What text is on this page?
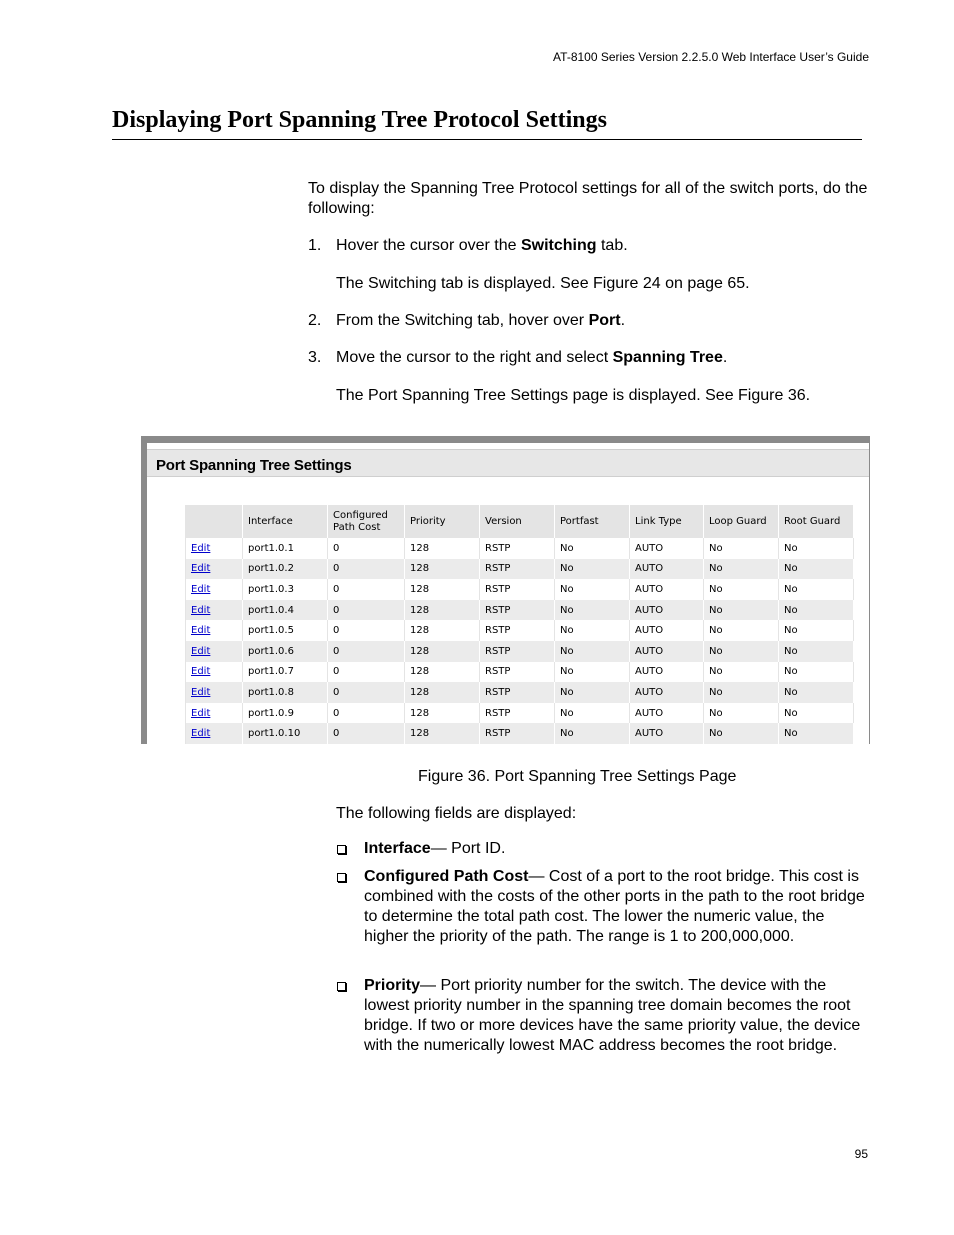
AT-8100 Series Version 2.2.5.0 Web Interface User’s Guide
Displaying Port Spanning Tree Protocol Settings
To display the Spanning Tree Protocol settings for all of the switch ports, do the following:
1. Hover the cursor over the Switching tab.
The Switching tab is displayed. See Figure 24 on page 65.
2. From the Switching tab, hover over Port.
3. Move the cursor to the right and select Spanning Tree.
The Port Spanning Tree Settings page is displayed. See Figure 36.
Port Spanning Tree Settings
	Interface	Configured Path Cost	Priority	Version	Portfast	Link Type	Loop Guard	Root Guard
Edit	port1.0.1	0	128	RSTP	No	AUTO	No	No
Edit	port1.0.2	0	128	RSTP	No	AUTO	No	No
Edit	port1.0.3	0	128	RSTP	No	AUTO	No	No
Edit	port1.0.4	0	128	RSTP	No	AUTO	No	No
Edit	port1.0.5	0	128	RSTP	No	AUTO	No	No
Edit	port1.0.6	0	128	RSTP	No	AUTO	No	No
Edit	port1.0.7	0	128	RSTP	No	AUTO	No	No
Edit	port1.0.8	0	128	RSTP	No	AUTO	No	No
Edit	port1.0.9	0	128	RSTP	No	AUTO	No	No
Edit	port1.0.10	0	128	RSTP	No	AUTO	No	No
Figure 36. Port Spanning Tree Settings Page
The following fields are displayed:
Interface— Port ID.
Configured Path Cost— Cost of a port to the root bridge. This cost is combined with the costs of the other ports in the path to the root bridge to determine the total path cost. The lower the numeric value, the higher the priority of the path. The range is 1 to 200,000,000.
Priority— Port priority number for the switch. The device with the lowest priority number in the spanning tree domain becomes the root bridge. If two or more devices have the same priority value, the device with the numerically lowest MAC address becomes the root bridge.
95
